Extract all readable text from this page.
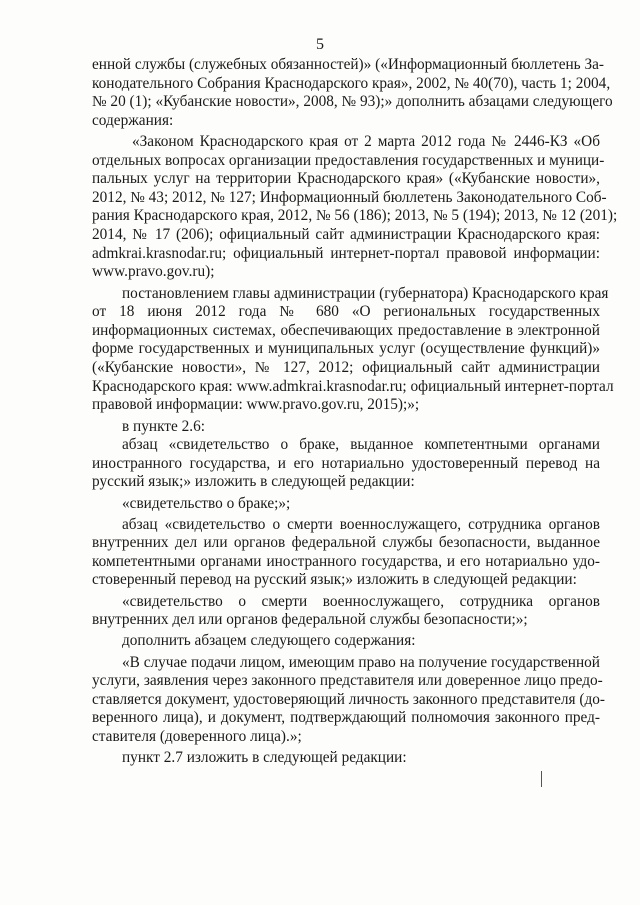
5
енной службы (служебных обязанностей)» («Информационный бюллетень За-
конодательного Собрания Краснодарского края», 2002, № 40(70), часть 1; 2004,
№ 20 (1); «Кубанские новости», 2008, № 93);» дополнить абзацами следующего
содержания:
«Законом Краснодарского края от 2 марта 2012 года № 2446-КЗ «Об
отдельных вопросах организации предоставления государственных и муници-
пальных услуг на территории Краснодарского края» («Кубанские новости»,
2012, № 43; 2012, № 127; Информационный бюллетень Законодательного Соб-
рания Краснодарского края, 2012, № 56 (186); 2013, № 5 (194); 2013, № 12 (201);
2014, № 17 (206); официальный сайт администрации Краснодарского края:
admkrai.krasnodar.ru; официальный интернет-портал правовой информации:
www.pravo.gov.ru);
постановлением главы администрации (губернатора) Краснодарского края
от 18 июня 2012 года № 680 «О региональных государственных
информационных системах, обеспечивающих предоставление в электронной
форме государственных и муниципальных услуг (осуществление функций)»
(«Кубанские новости», № 127, 2012; официальный сайт администрации
Краснодарского края: www.admkrai.krasnodar.ru; официальный интернет-портал
правовой информации: www.pravo.gov.ru, 2015);»;
в пункте 2.6:
абзац «свидетельство о браке, выданное компетентными органами
иностранного государства, и его нотариально удостоверенный перевод на
русский язык;» изложить в следующей редакции:
«свидетельство о браке;»;
абзац «свидетельство о смерти военнослужащего, сотрудника органов
внутренних дел или органов федеральной службы безопасности, выданное
компетентными органами иностранного государства, и его нотариально удо-
стоверенный перевод на русский язык;» изложить в следующей редакции:
«свидетельство о смерти военнослужащего, сотрудника органов
внутренних дел или органов федеральной службы безопасности;»;
дополнить абзацем следующего содержания:
«В случае подачи лицом, имеющим право на получение государственной
услуги, заявления через законного представителя или доверенное лицо предо-
ставляется документ, удостоверяющий личность законного представителя (до-
веренного лица), и документ, подтверждающий полномочия законного пред-
ставителя (доверенного лица).»;
пункт 2.7 изложить в следующей редакции:
